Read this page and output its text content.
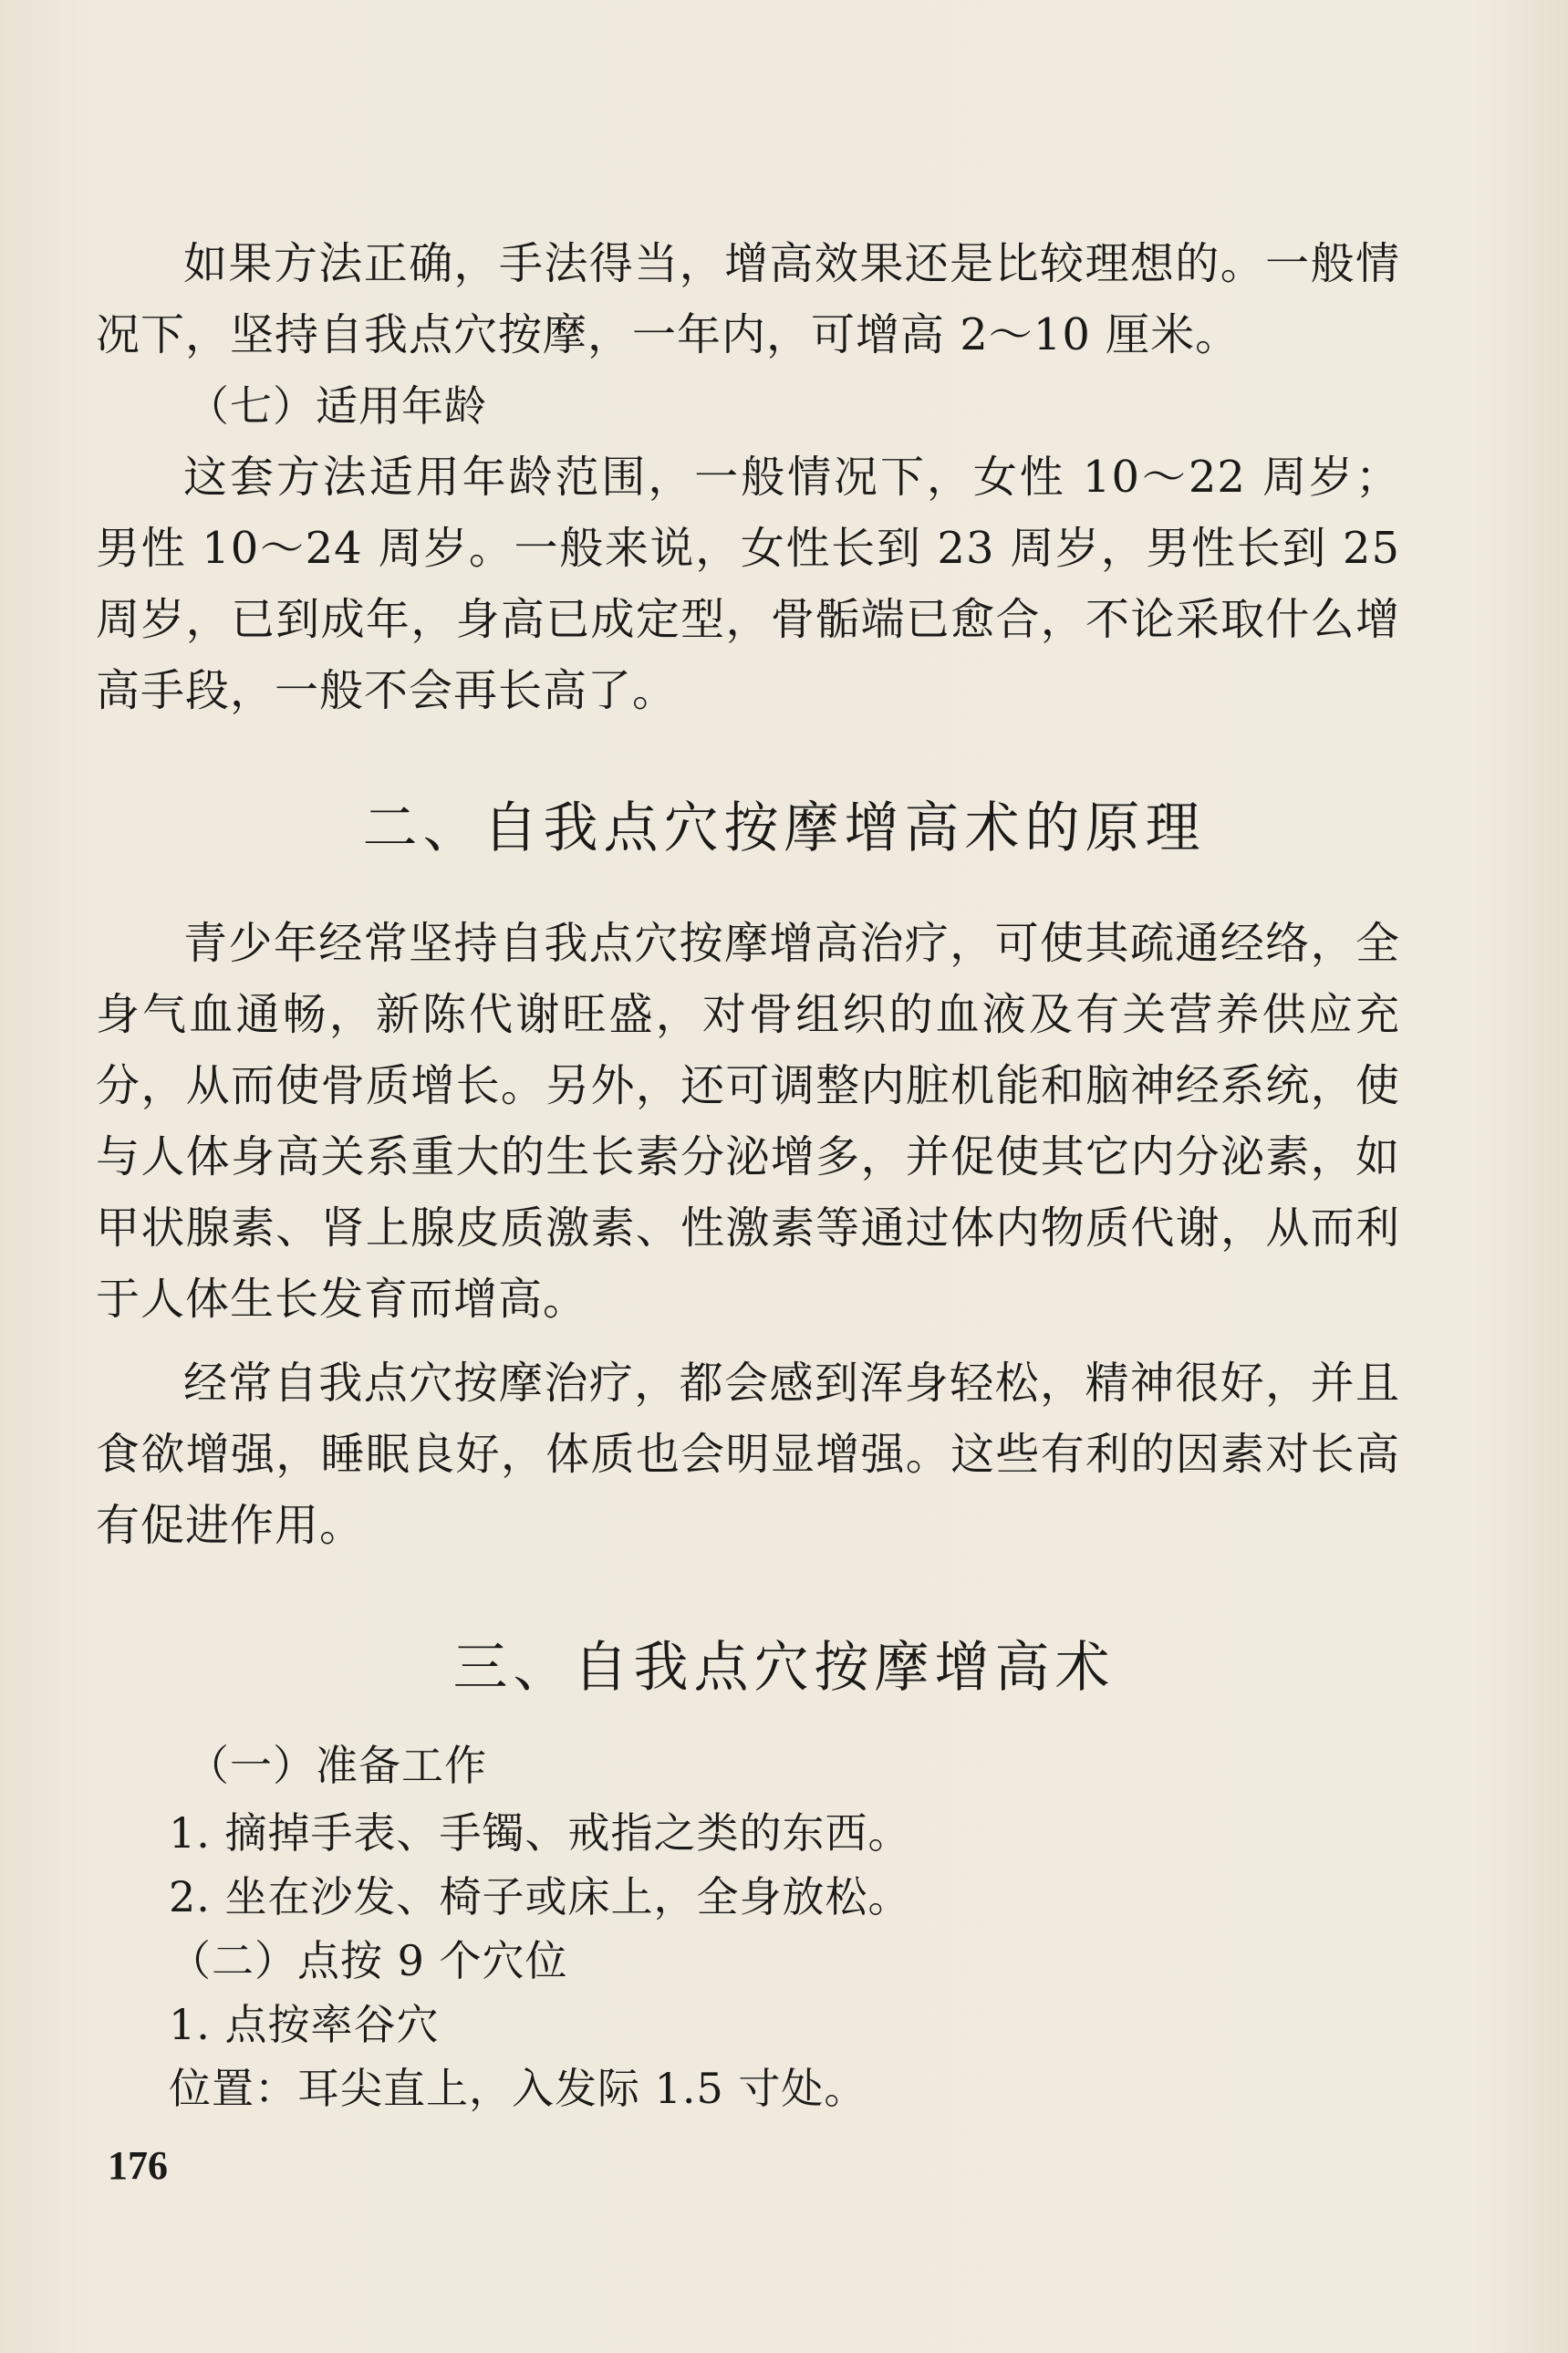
如果方法正确，手法得当，增高效果还是比较理想的。一般情况下，坚持自我点穴按摩，一年内，可增高 2～10 厘米。

（七）适用年龄

这套方法适用年龄范围，一般情况下，女性 10～22 周岁；男性 10～24 周岁。一般来说，女性长到 23 周岁，男性长到 25 周岁，已到成年，身高已成定型，骨骺端已愈合，不论采取什么增高手段，一般不会再长高了。

二、自我点穴按摩增高术的原理

青少年经常坚持自我点穴按摩增高治疗，可使其疏通经络，全身气血通畅，新陈代谢旺盛，对骨组织的血液及有关营养供应充分，从而使骨质增长。另外，还可调整内脏机能和脑神经系统，使与人体身高关系重大的生长素分泌增多，并促使其它内分泌素，如甲状腺素、肾上腺皮质激素、性激素等通过体内物质代谢，从而利于人体生长发育而增高。

经常自我点穴按摩治疗，都会感到浑身轻松，精神很好，并且食欲增强，睡眠良好，体质也会明显增强。这些有利的因素对长高有促进作用。

三、自我点穴按摩增高术

（一）准备工作

1. 摘掉手表、手镯、戒指之类的东西。

2. 坐在沙发、椅子或床上，全身放松。

（二）点按 9 个穴位

1. 点按率谷穴

位置：耳尖直上，入发际 1.5 寸处。

176
